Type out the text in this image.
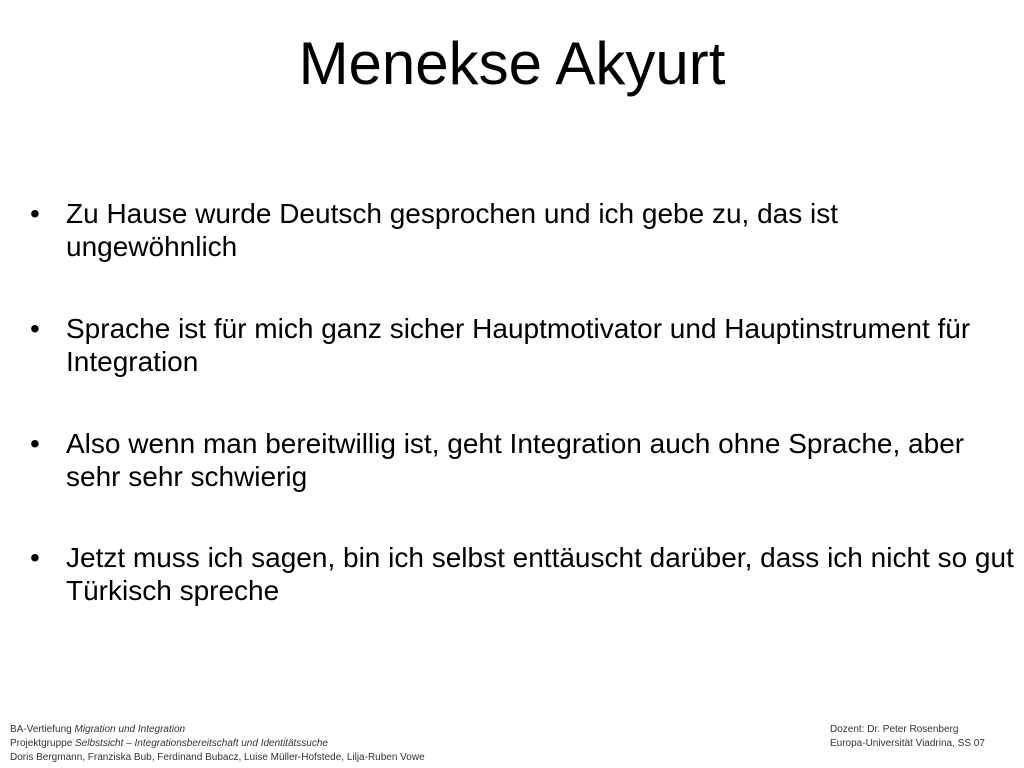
Menekse Akyurt
• Zu Hause wurde Deutsch gesprochen und ich gebe zu, das ist ungewöhnlich
• Sprache ist für mich ganz sicher Hauptmotivator und Hauptinstrument für Integration
• Also wenn man bereitwillig ist, geht Integration auch ohne Sprache, aber sehr sehr schwierig
• Jetzt muss ich sagen, bin ich selbst enttäuscht darüber, dass ich nicht so gut Türkisch spreche
BA-Vertiefung Migration und Integration
Projektgruppe Selbstsicht – Integrationsbereitschaft und Identitätssuche
Doris Bergmann, Franziska Bub, Ferdinand Bubacz, Luise Müller-Hofstede, Lilja-Ruben Vowe
Dozent: Dr. Peter Rosenberg
Europa-Universität Viadrina, SS 07
